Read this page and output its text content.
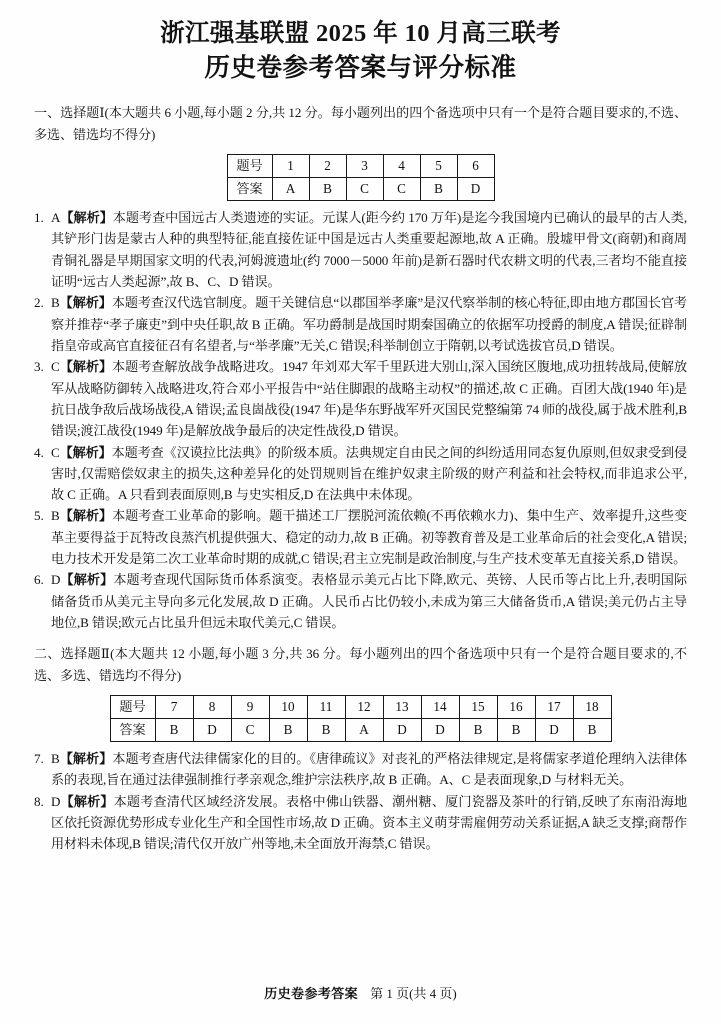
浙江强基联盟 2025 年 10 月高三联考
历史卷参考答案与评分标准

一、选择题Ⅰ(本大题共 6 小题,每小题 2 分,共 12 分。每小题列出的四个备选项中只有一个是符合题目要求的,不选、多选、错选均不得分)

题号	1	2	3	4	5	6
答案	A	B	C	C	B	D
1. A【解析】本题考查中国远古人类遗迹的实证。元谋人(距今约 170 万年)是迄今我国境内已确认的最早的古人类,其铲形门齿是蒙古人种的典型特征,能直接佐证中国是远古人类重要起源地,故 A 正确。殷墟甲骨文(商朝)和商周青铜礼器是早期国家文明的代表,河姆渡遗址(约 7000－5000 年前)是新石器时代农耕文明的代表,三者均不能直接证明“远古人类起源”,故 B、C、D 错误。
2. B【解析】本题考查汉代选官制度。题干关键信息“以郡国举孝廉”是汉代察举制的核心特征,即由地方郡国长官考察并推荐“孝子廉吏”到中央任职,故 B 正确。军功爵制是战国时期秦国确立的依据军功授爵的制度,A 错误;征辟制指皇帝或高官直接征召有名望者,与“举孝廉”无关,C 错误;科举制创立于隋朝,以考试选拔官员,D 错误。
3. C【解析】本题考查解放战争战略进攻。1947 年刘邓大军千里跃进大别山,深入国统区腹地,成功扭转战局,使解放军从战略防御转入战略进攻,符合邓小平报告中“站住脚跟的战略主动权”的描述,故 C 正确。百团大战(1940 年)是抗日战争敌后战场战役,A 错误;孟良崮战役(1947 年)是华东野战军歼灭国民党整编第 74 师的战役,属于战术胜利,B 错误;渡江战役(1949 年)是解放战争最后的决定性战役,D 错误。
4. C【解析】本题考查《汉谟拉比法典》的阶级本质。法典规定自由民之间的纠纷适用同态复仇原则,但奴隶受到侵害时,仅需赔偿奴隶主的损失,这种差异化的处罚规则旨在维护奴隶主阶级的财产利益和社会特权,而非追求公平,故 C 正确。A 只看到表面原则,B 与史实相反,D 在法典中未体现。
5. B【解析】本题考查工业革命的影响。题干描述工厂摆脱河流依赖(不再依赖水力)、集中生产、效率提升,这些变革主要得益于瓦特改良蒸汽机提供强大、稳定的动力,故 B 正确。初等教育普及是工业革命后的社会变化,A 错误;电力技术开发是第二次工业革命时期的成就,C 错误;君主立宪制是政治制度,与生产技术变革无直接关系,D 错误。
6. D【解析】本题考查现代国际货币体系演变。表格显示美元占比下降,欧元、英镑、人民币等占比上升,表明国际储备货币从美元主导向多元化发展,故 D 正确。人民币占比仍较小,未成为第三大储备货币,A 错误;美元仍占主导地位,B 错误;欧元占比虽升但远未取代美元,C 错误。

二、选择题Ⅱ(本大题共 12 小题,每小题 3 分,共 36 分。每小题列出的四个备选项中只有一个是符合题目要求的,不选、多选、错选均不得分)

题号	7	8	9	10	11	12	13	14	15	16	17	18
答案	B	D	C	B	B	A	D	D	B	B	D	B
7. B【解析】本题考查唐代法律儒家化的目的。《唐律疏议》对丧礼的严格法律规定,是将儒家孝道伦理纳入法律体系的表现,旨在通过法律强制推行孝亲观念,维护宗法秩序,故 B 正确。A、C 是表面现象,D 与材料无关。
8. D【解析】本题考查清代区域经济发展。表格中佛山铁器、潮州糖、厦门瓷器及茶叶的行销,反映了东南沿海地区依托资源优势形成专业化生产和全国性市场,故 D 正确。资本主义萌芽需雇佣劳动关系证据,A 缺乏支撑;商帮作用材料未体现,B 错误;清代仅开放广州等地,未全面放开海禁,C 错误。
历史卷参考答案 第 1 页(共 4 页)
